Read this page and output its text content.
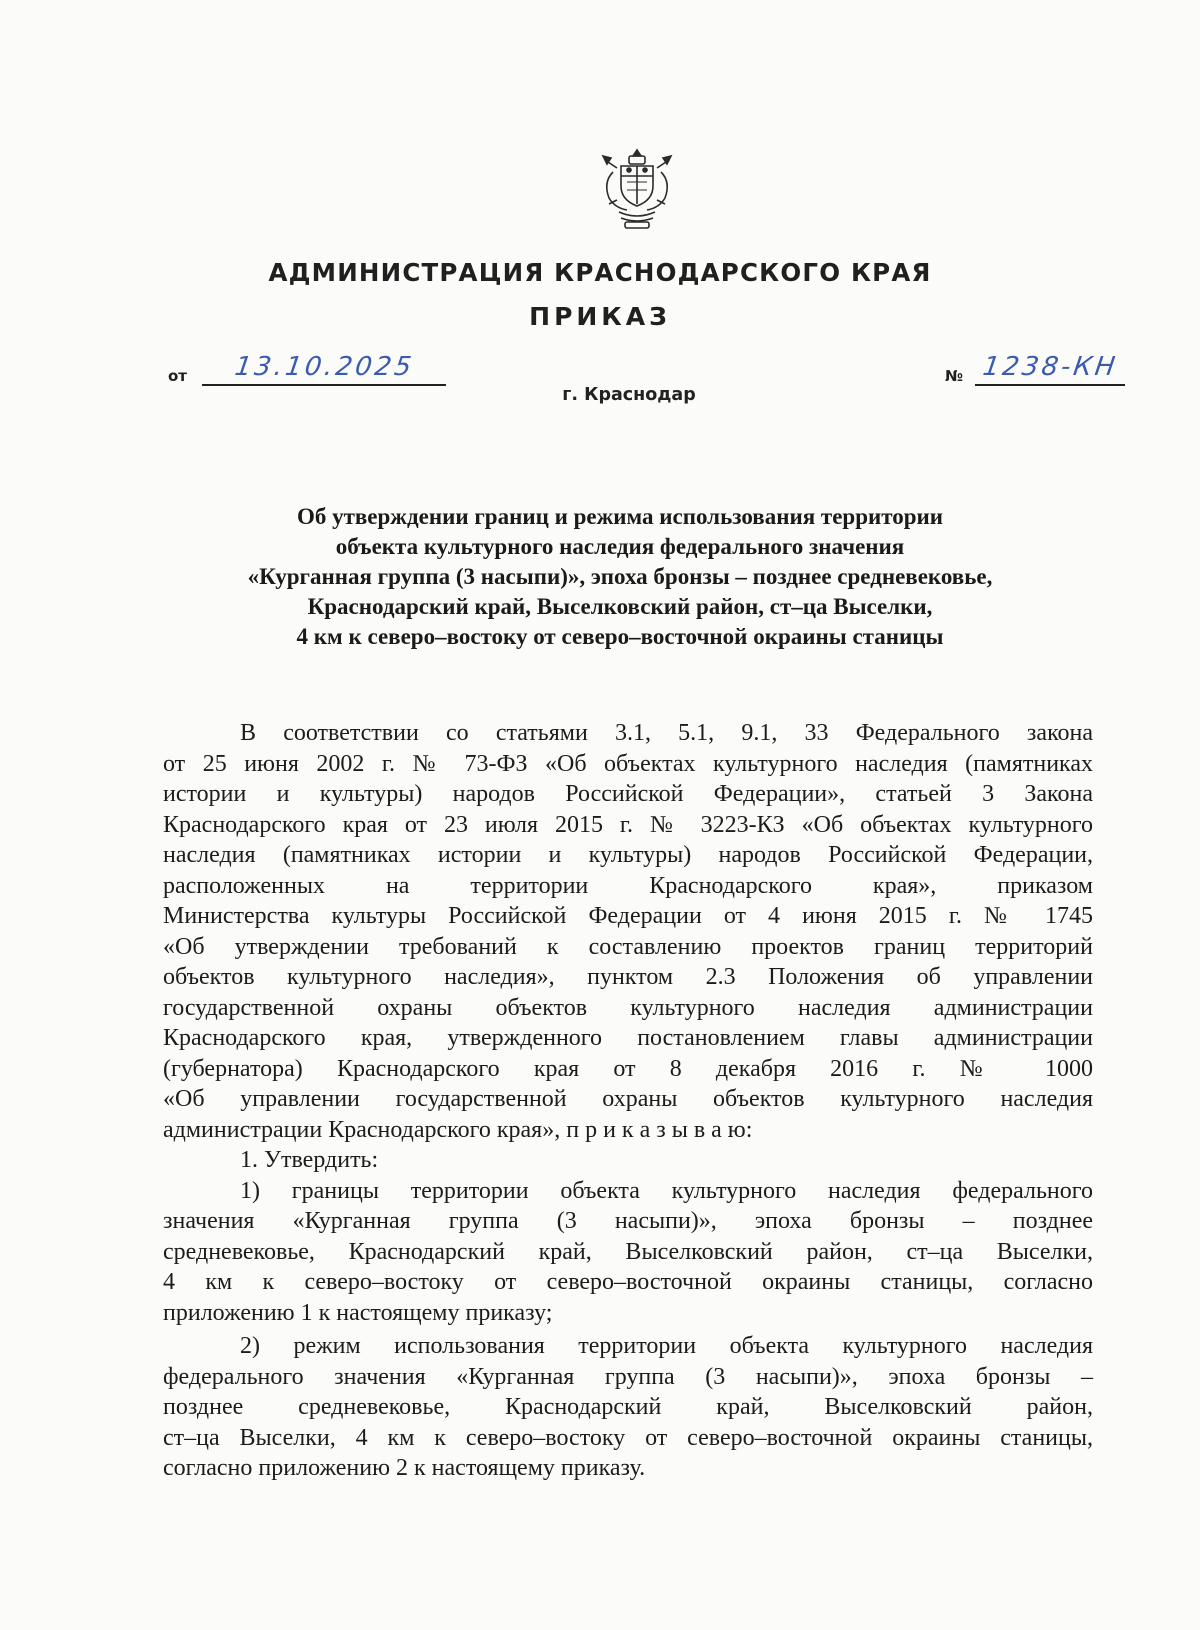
АДМИНИСТРАЦИЯ КРАСНОДАРСКОГО КРАЯ
ПРИКАЗ
от 13.10.2025	№ 1238-КН
г. Краснодар
Об утверждении границ и режима использования территории
объекта культурного наследия федерального значения
«Курганная группа (3 насыпи)», эпоха бронзы – позднее средневековье,
Краснодарский край, Выселковский район, ст–ца Выселки,
4 км к северо–востоку от северо–восточной окраины станицы
В соответствии со статьями 3.1, 5.1, 9.1, 33 Федерального закона
от 25 июня 2002 г. № 73-ФЗ «Об объектах культурного наследия (памятниках
истории и культуры) народов Российской Федерации», статьей 3 Закона
Краснодарского края от 23 июля 2015 г. № 3223-КЗ «Об объектах культурного
наследия (памятниках истории и культуры) народов Российской Федерации,
расположенных на территории Краснодарского края», приказом
Министерства культуры Российской Федерации от 4 июня 2015 г. № 1745
«Об утверждении требований к составлению проектов границ территорий
объектов культурного наследия», пунктом 2.3 Положения об управлении
государственной охраны объектов культурного наследия администрации
Краснодарского края, утвержденного постановлением главы администрации
(губернатора) Краснодарского края от 8 декабря 2016 г. № 1000
«Об управлении государственной охраны объектов культурного наследия
администрации Краснодарского края», п р и к а з ы в а ю:
1. Утвердить:
1) границы территории объекта культурного наследия федерального
значения «Курганная группа (3 насыпи)», эпоха бронзы – позднее
средневековье, Краснодарский край, Выселковский район, ст–ца Выселки,
4 км к северо–востоку от северо–восточной окраины станицы, согласно
приложению 1 к настоящему приказу;
2) режим использования территории объекта культурного наследия
федерального значения «Курганная группа (3 насыпи)», эпоха бронзы –
позднее средневековье, Краснодарский край, Выселковский район,
ст–ца Выселки, 4 км к северо–востоку от северо–восточной окраины станицы,
согласно приложению 2 к настоящему приказу.
